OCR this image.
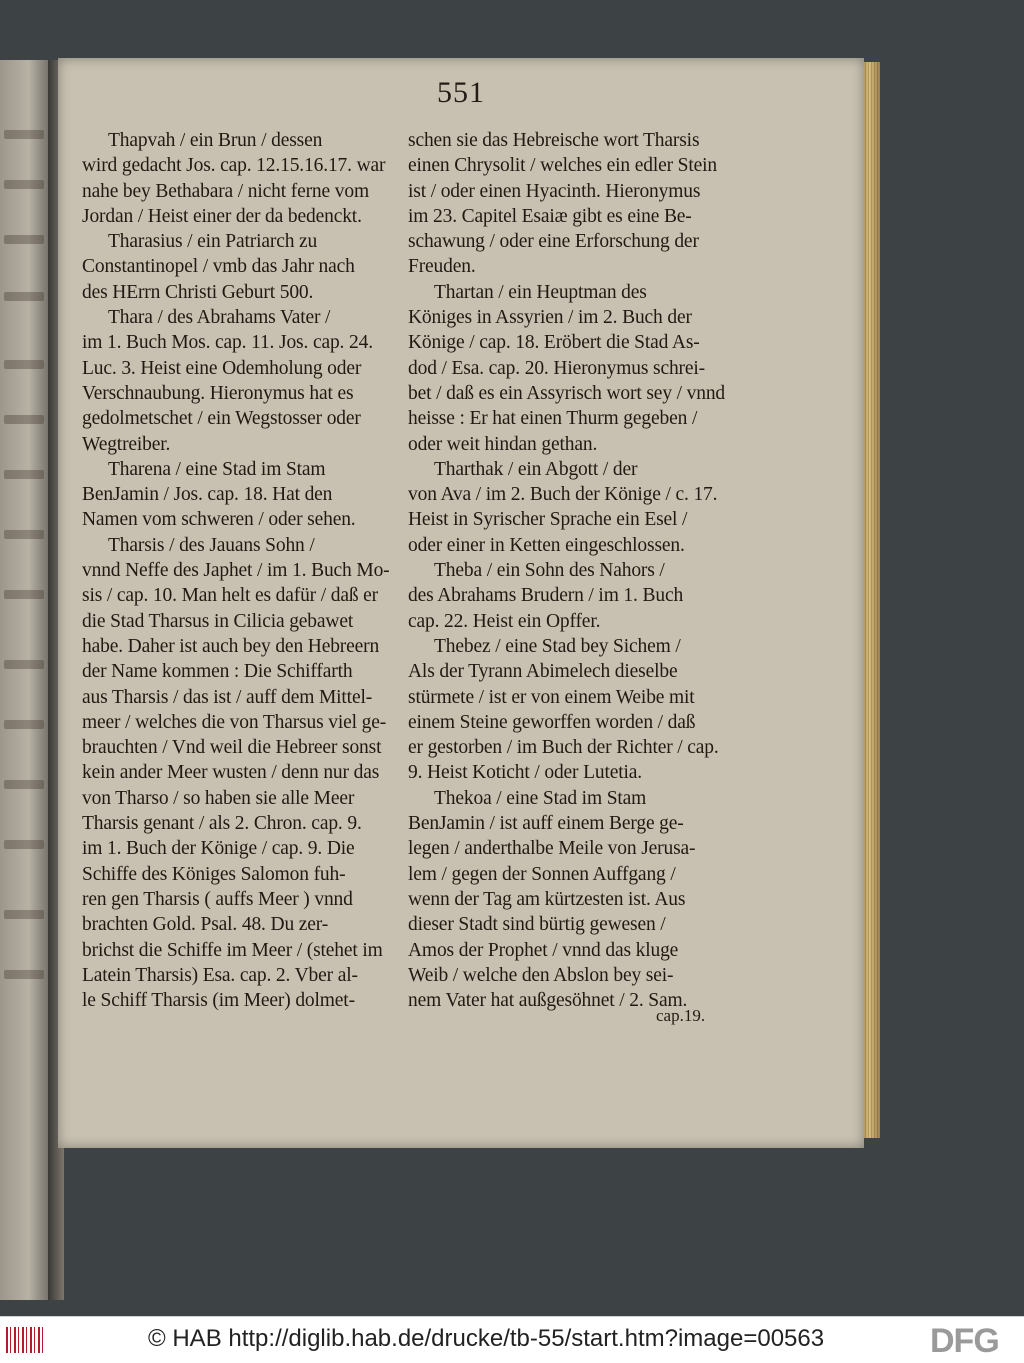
551
Thapvah / ein Brun / dessen
wird gedacht Jos. cap. 12.15.16.17. war
nahe bey Bethabara / nicht ferne vom
Jordan / Heist einer der da bedenckt.
Tharasius / ein Patriarch zu
Constantinopel / vmb das Jahr nach
des HErrn Christi Geburt 500.
Thara / des Abrahams Vater /
im 1. Buch Mos. cap. 11. Jos. cap. 24.
Luc. 3. Heist eine Odemholung oder
Verschnaubung. Hieronymus hat es
gedolmetschet / ein Wegstosser oder
Wegtreiber.
Tharena / eine Stad im Stam
BenJamin / Jos. cap. 18. Hat den
Namen vom schweren / oder sehen.
Tharsis / des Jauans Sohn /
vnnd Neffe des Japhet / im 1. Buch Mo-
sis / cap. 10. Man helt es dafür / daß er
die Stad Tharsus in Cilicia gebawet
habe. Daher ist auch bey den Hebreern
der Name kommen : Die Schiffarth
aus Tharsis / das ist / auff dem Mittel-
meer / welches die von Tharsus viel ge-
brauchten / Vnd weil die Hebreer sonst
kein ander Meer wusten / denn nur das
von Tharso / so haben sie alle Meer
Tharsis genant / als 2. Chron. cap. 9.
im 1. Buch der Könige / cap. 9. Die
Schiffe des Königes Salomon fuh-
ren gen Tharsis ( auffs Meer ) vnnd
brachten Gold. Psal. 48. Du zer-
brichst die Schiffe im Meer / (stehet im
Latein Tharsis) Esa. cap. 2. Vber al-
le Schiff Tharsis (im Meer) dolmet-
schen sie das Hebreische wort Tharsis
einen Chrysolit / welches ein edler Stein
ist / oder einen Hyacinth. Hieronymus
im 23. Capitel Esaiæ gibt es eine Be-
schawung / oder eine Erforschung der
Freuden.
Thartan / ein Heuptman des
Königes in Assyrien / im 2. Buch der
Könige / cap. 18. Eröbert die Stad As-
dod / Esa. cap. 20. Hieronymus schrei-
bet / daß es ein Assyrisch wort sey / vnnd
heisse : Er hat einen Thurm gegeben /
oder weit hindan gethan.
Tharthak / ein Abgott / der
von Ava / im 2. Buch der Könige / c. 17.
Heist in Syrischer Sprache ein Esel /
oder einer in Ketten eingeschlossen.
Theba / ein Sohn des Nahors /
des Abrahams Brudern / im 1. Buch
cap. 22. Heist ein Opffer.
Thebez / eine Stad bey Sichem /
Als der Tyrann Abimelech dieselbe
stürmete / ist er von einem Weibe mit
einem Steine geworffen worden / daß
er gestorben / im Buch der Richter / cap.
9. Heist Koticht / oder Lutetia.
Thekoa / eine Stad im Stam
BenJamin / ist auff einem Berge ge-
legen / anderthalbe Meile von Jerusa-
lem / gegen der Sonnen Auffgang /
wenn der Tag am kürtzesten ist. Aus
dieser Stadt sind bürtig gewesen /
Amos der Prophet / vnnd das kluge
Weib / welche den Abslon bey sei-
nem Vater hat außgesöhnet / 2. Sam.
cap.19.
© HAB http://diglib.hab.de/drucke/tb-55/start.htm?image=00563	DFG
